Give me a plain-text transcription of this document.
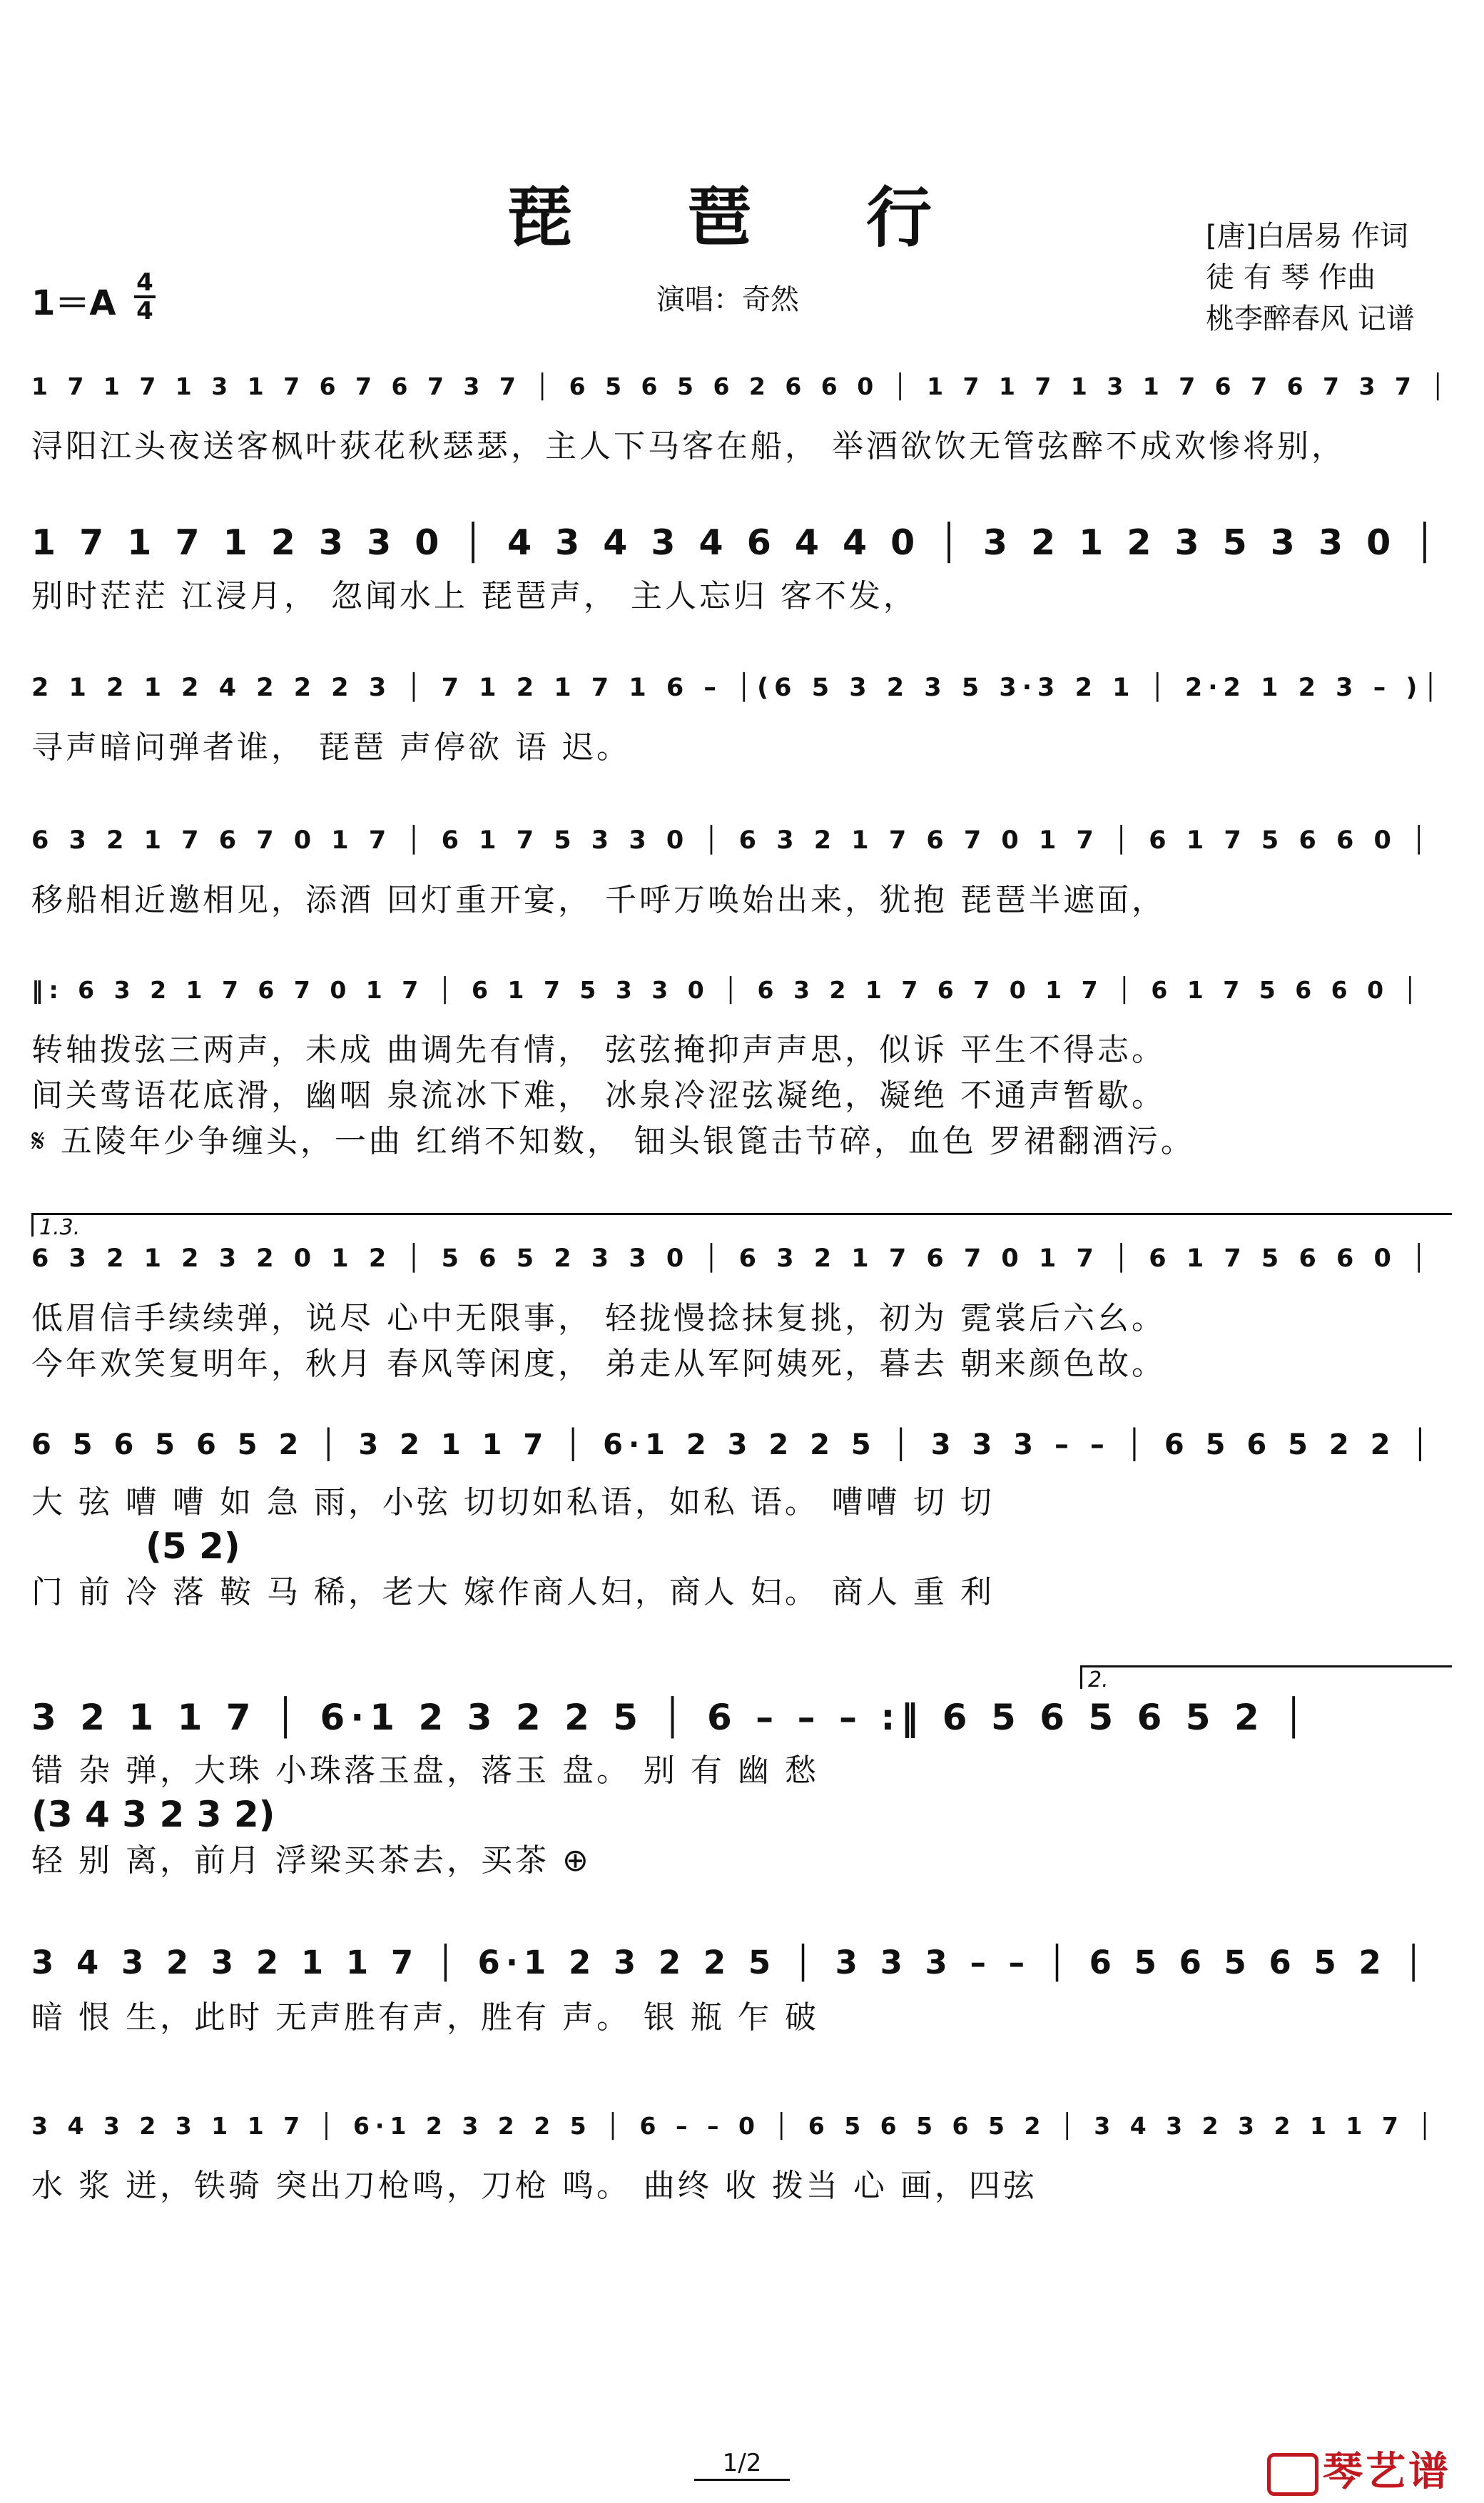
琵 琶 行	[唐]白居易 作词
徒 有 琴 作曲
桃李醉春风 记谱
演唱：奇然
1＝A
4
4
1 7 1 7 1 3 1 7 6 7 6 7 3 7 │ 6 5 6 5 6 2 6 6 0 │ 1 7 1 7 1 3 1 7 6 7 6 7 3 7 │
浔阳江头夜送客枫叶荻花秋瑟瑟，主人下马客在船， 举酒欲饮无管弦醉不成欢惨将别，
1 7 1 7 1 2 3 3 0 │ 4 3 4 3 4 6 4 4 0 │ 3 2 1 2 3 5 3 3 0 │
别时茫茫 江浸月， 忽闻水上 琵琶声， 主人忘归 客不发，
2 1 2 1 2 4 2 2 2 3 │ 7 1 2 1 7 1 6 – │(6 5 3 2 3 5 3·3 2 1 │ 2·2 1 2 3 – )│
寻声暗问弹者谁， 琵琶 声停欲 语 迟。
6 3 2 1 7 6 7 0 1 7 │ 6 1 7 5 3 3 0 │ 6 3 2 1 7 6 7 0 1 7 │ 6 1 7 5 6 6 0 │
移船相近邀相见，添酒 回灯重开宴， 千呼万唤始出来，犹抱 琵琶半遮面，
‖: 6 3 2 1 7 6 7 0 1 7 │ 6 1 7 5 3 3 0 │ 6 3 2 1 7 6 7 0 1 7 │ 6 1 7 5 6 6 0 │
转轴拨弦三两声，未成 曲调先有情， 弦弦掩抑声声思，似诉 平生不得志。
间关莺语花底滑，幽咽 泉流冰下难， 冰泉冷涩弦凝绝，凝绝 不通声暂歇。
𝄋 五陵年少争缠头，一曲 红绡不知数， 钿头银篦击节碎，血色 罗裙翻酒污。
1.3.
6 3 2 1 2 3 2 0 1 2 │ 5 6 5 2 3 3 0 │ 6 3 2 1 7 6 7 0 1 7 │ 6 1 7 5 6 6 0 │
低眉信手续续弹，说尽 心中无限事， 轻拢慢捻抹复挑，初为 霓裳后六幺。
今年欢笑复明年，秋月 春风等闲度， 弟走从军阿姨死，暮去 朝来颜色故。
6 5 6 5 6 5 2 │ 3 2 1 1 7 │ 6·1 2 3 2 2 5 │ 3 3 3 – – │ 6 5 6 5 2 2 │
大 弦 嘈 嘈 如 急 雨，小弦 切切如私语，如私 语。 嘈嘈 切 切
(5 2)
门 前 冷 落 鞍 马 稀，老大 嫁作商人妇，商人 妇。 商人 重 利
2.
3 2 1 1 7 │ 6·1 2 3 2 2 5 │ 6 – – – :‖ 6 5 6 5 6 5 2 │
错 杂 弹，大珠 小珠落玉盘，落玉 盘。 别 有 幽 愁
(3 4 3 2 3 2)
轻 别 离，前月 浮梁买茶去，买茶 ⊕
3 4 3 2 3 2 1 1 7 │ 6·1 2 3 2 2 5 │ 3 3 3 – – │ 6 5 6 5 6 5 2 │
暗 恨 生，此时 无声胜有声，胜有 声。 银 瓶 乍 破
3 4 3 2 3 1 1 7 │ 6·1 2 3 2 2 5 │ 6 – – 0 │ 6 5 6 5 6 5 2 │ 3 4 3 2 3 2 1 1 7 │
水 浆 迸，铁骑 突出刀枪鸣，刀枪 鸣。 曲终 收 拨当 心 画，四弦
1/2	琴艺谱
